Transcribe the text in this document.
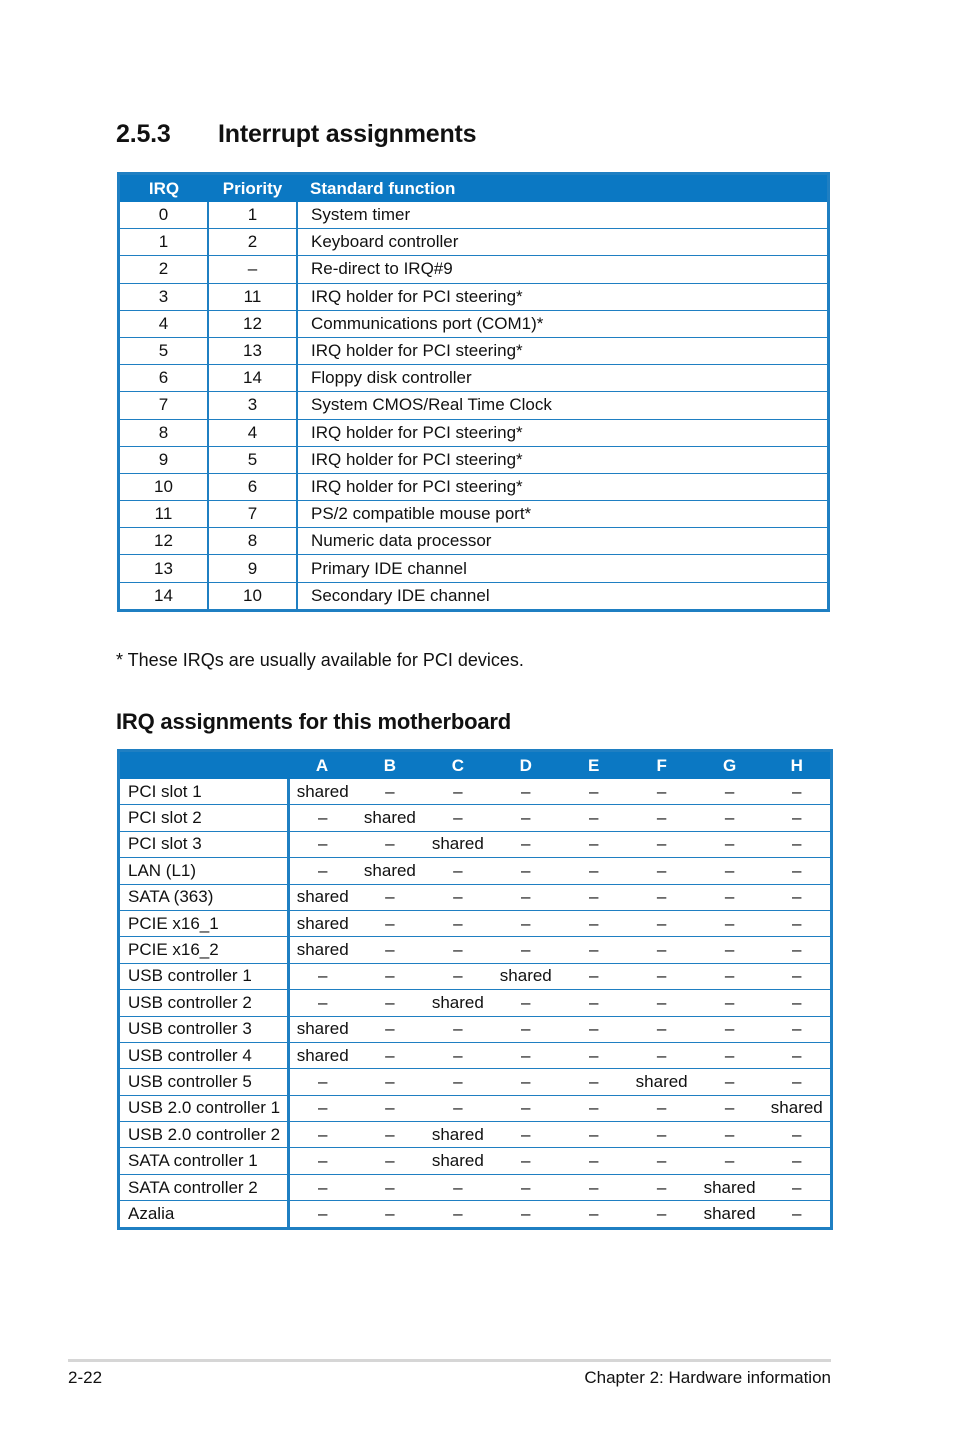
2.5.3 Interrupt assignments
IRQ	Priority	Standard function
0	1	System timer
1	2	Keyboard controller
2	–	Re-direct to IRQ#9
3	11	IRQ holder for PCI steering*
4	12	Communications port (COM1)*
5	13	IRQ holder for PCI steering*
6	14	Floppy disk controller
7	3	System CMOS/Real Time Clock
8	4	IRQ holder for PCI steering*
9	5	IRQ holder for PCI steering*
10	6	IRQ holder for PCI steering*
11	7	PS/2 compatible mouse port*
12	8	Numeric data processor
13	9	Primary IDE channel
14	10	Secondary IDE channel
* These IRQs are usually available for PCI devices.
IRQ assignments for this motherboard
	A	B	C	D	E	F	G	H
PCI slot 1	shared	–	–	–	–	–	–	–
PCI slot 2	–	shared	–	–	–	–	–	–
PCI slot 3	–	–	shared	–	–	–	–	–
LAN (L1)	–	shared	–	–	–	–	–	–
SATA (363)	shared	–	–	–	–	–	–	–
PCIE x16_1	shared	–	–	–	–	–	–	–
PCIE x16_2	shared	–	–	–	–	–	–	–
USB controller 1	–	–	–	shared	–	–	–	–
USB controller 2	–	–	shared	–	–	–	–	–
USB controller 3	shared	–	–	–	–	–	–	–
USB controller 4	shared	–	–	–	–	–	–	–
USB controller 5	–	–	–	–	–	shared	–	–
USB 2.0 controller 1	–	–	–	–	–	–	–	shared
USB 2.0 controller 2	–	–	shared	–	–	–	–	–
SATA controller 1	–	–	shared	–	–	–	–	–
SATA controller 2	–	–	–	–	–	–	shared	–
Azalia	–	–	–	–	–	–	shared	–
2-22	Chapter 2: Hardware information
